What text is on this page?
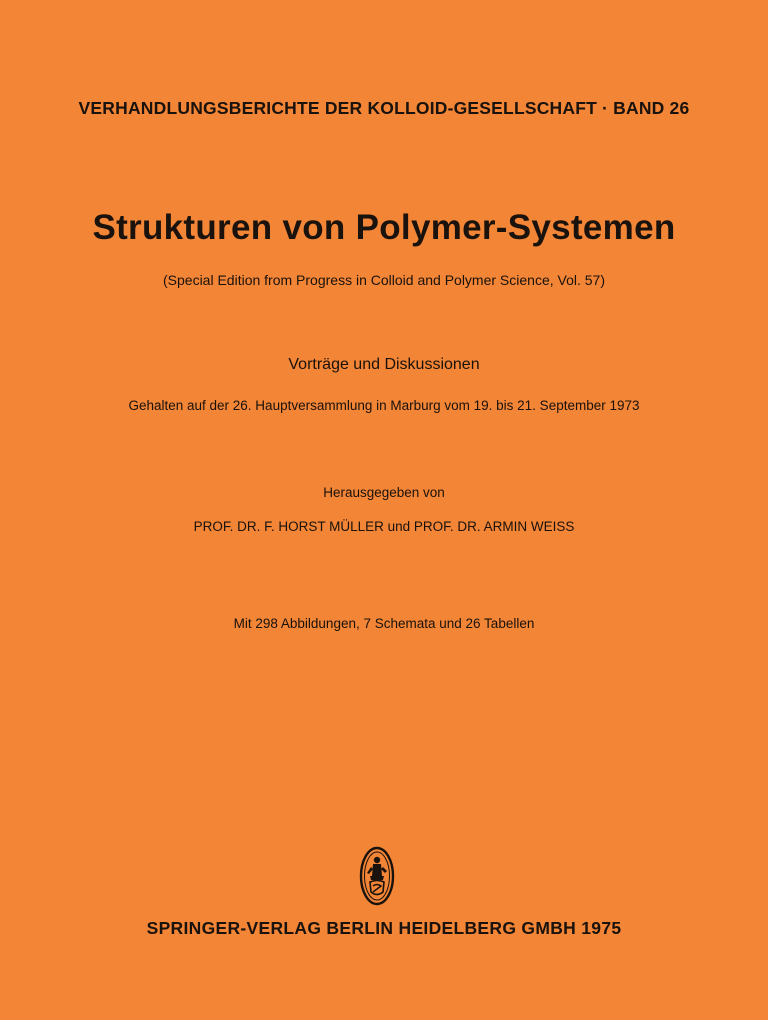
VERHANDLUNGSBERICHTE DER KOLLOID-GESELLSCHAFT · BAND 26
Strukturen von Polymer-Systemen
(Special Edition from Progress in Colloid and Polymer Science, Vol. 57)
Vorträge und Diskussionen
Gehalten auf der 26. Hauptversammlung in Marburg vom 19. bis 21. September 1973
Herausgegeben von
PROF. DR. F. HORST MÜLLER und PROF. DR. ARMIN WEISS
Mit 298 Abbildungen, 7 Schemata und 26 Tabellen
SPRINGER-VERLAG BERLIN HEIDELBERG GMBH 1975
